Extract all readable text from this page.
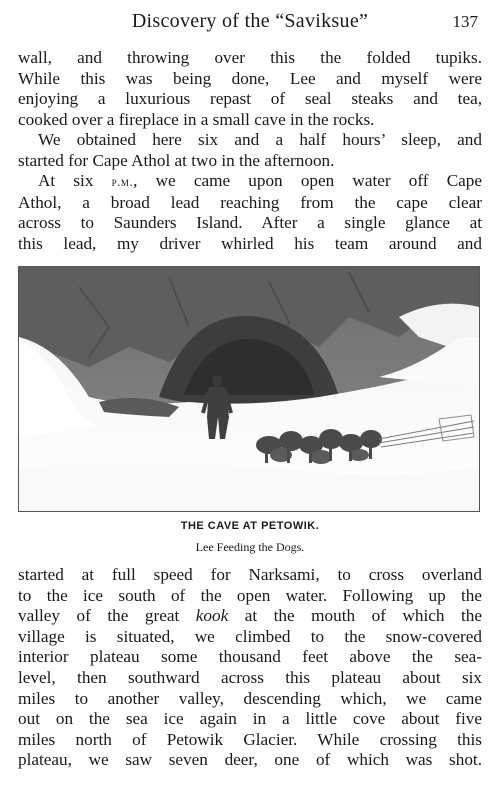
Discovery of the “Saviksue”	137
wall, and throwing over this the folded tupiks.
While this was being done, Lee and myself were
enjoying a luxurious repast of seal steaks and tea,
cooked over a fireplace in a small cave in the rocks.
We obtained here six and a half hours’ sleep, and
started for Cape Athol at two in the afternoon.
At six p.m., we came upon open water off Cape
Athol, a broad lead reaching from the cape clear
across to Saunders Island. After a single glance at
this lead, my driver whirled his team around and
THE CAVE AT PETOWIK.
Lee Feeding the Dogs.
started at full speed for Narksami, to cross overland
to the ice south of the open water. Following up the
valley of the great kook at the mouth of which the
village is situated, we climbed to the snow-covered
interior plateau some thousand feet above the sea-
level, then southward across this plateau about six
miles to another valley, descending which, we came
out on the sea ice again in a little cove about five
miles north of Petowik Glacier. While crossing this
plateau, we saw seven deer, one of which was shot.
